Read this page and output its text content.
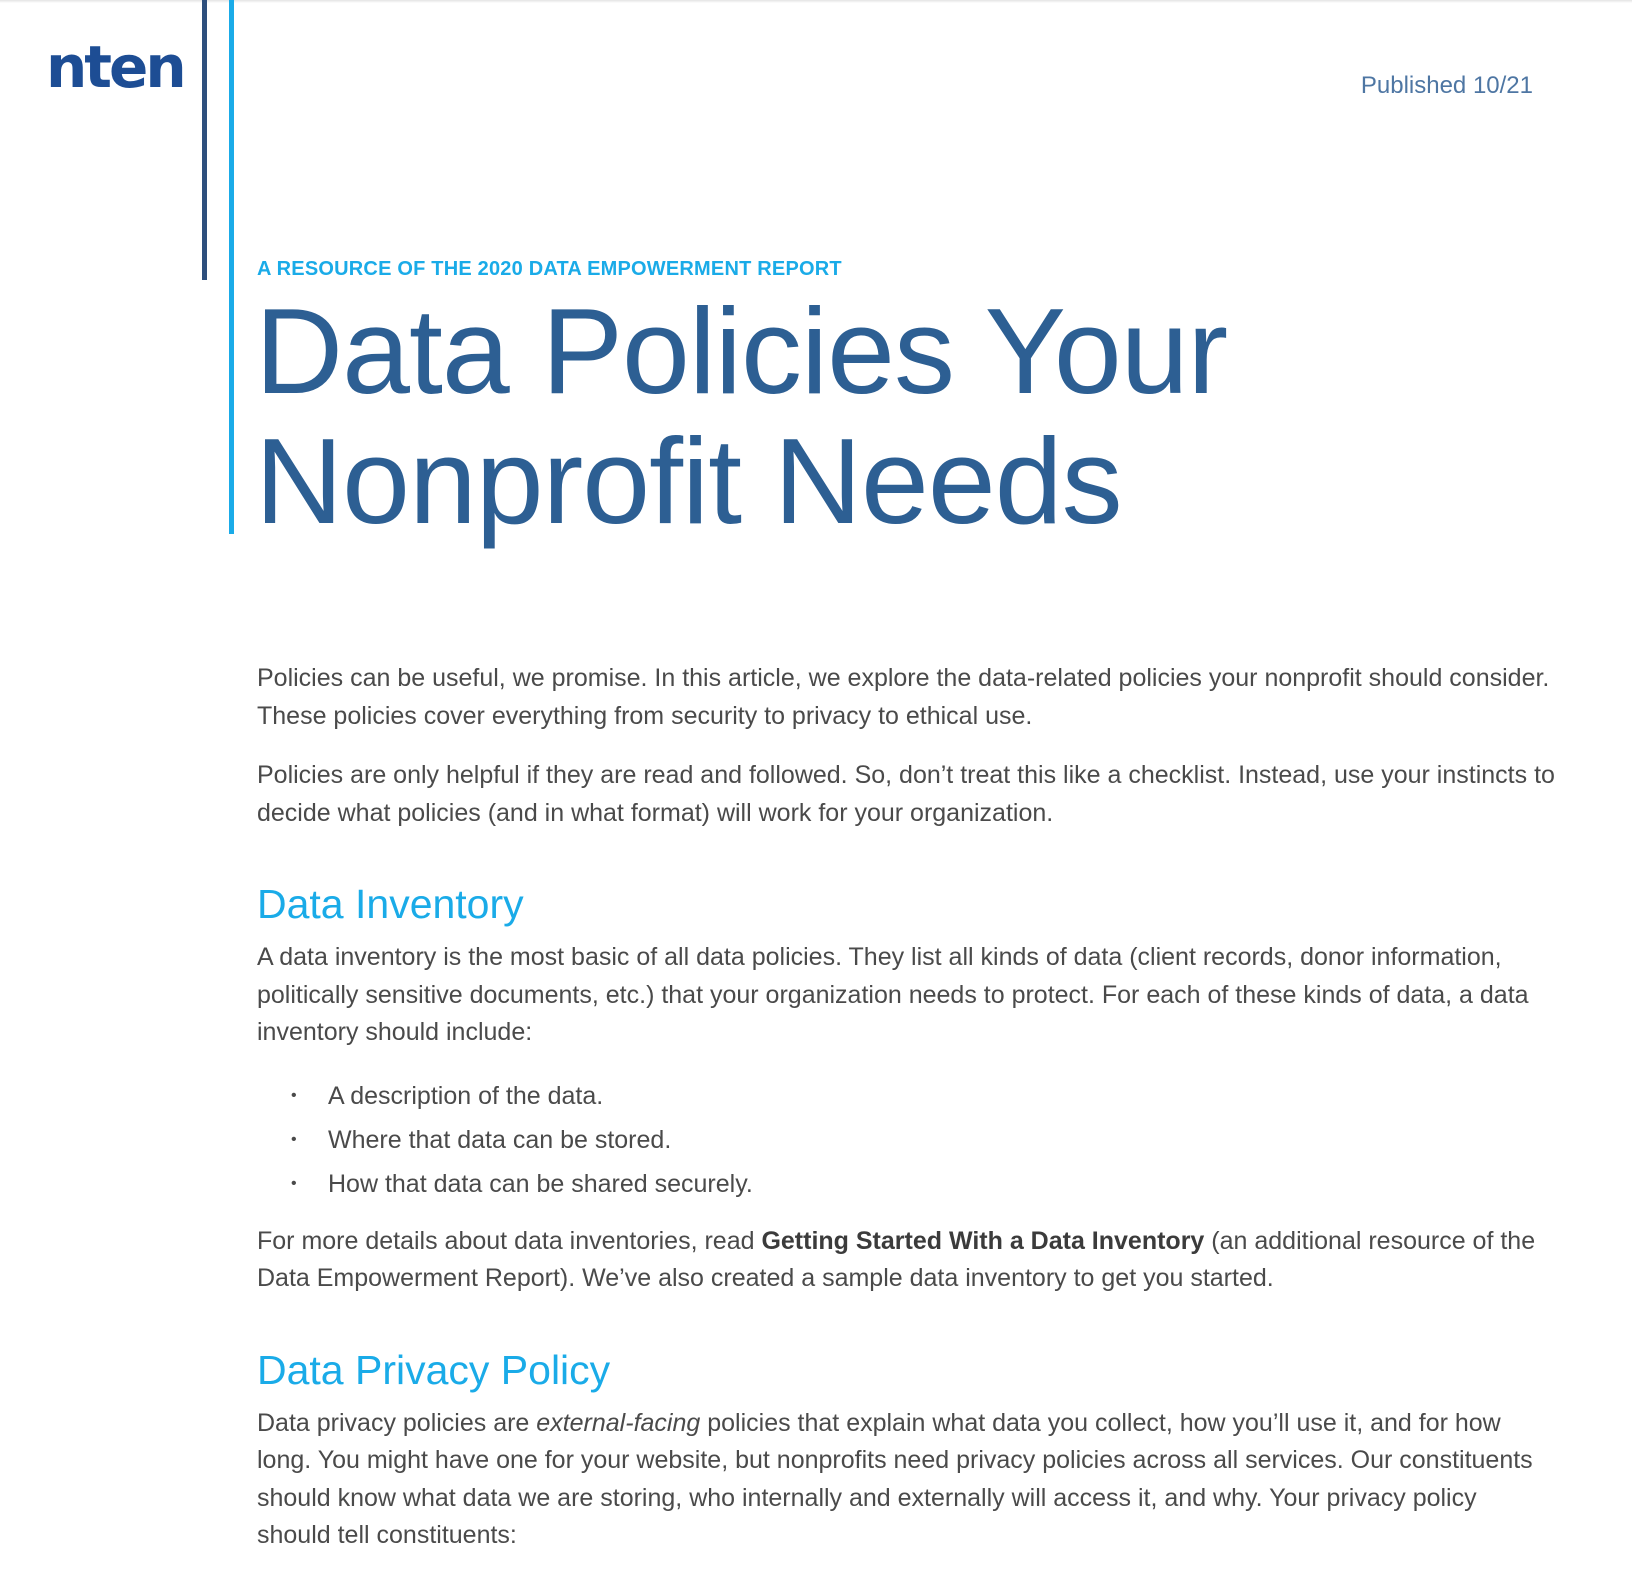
nten	Published 10/21
A RESOURCE OF THE 2020 DATA EMPOWERMENT REPORT
Data Policies Your
Nonprofit Needs

Policies can be useful, we promise. In this article, we explore the data-related policies your nonprofit should consider. These policies cover everything from security to privacy to ethical use.

Policies are only helpful if they are read and followed. So, don’t treat this like a checklist. Instead, use your instincts to decide what policies (and in what format) will work for your organization.

Data Inventory

A data inventory is the most basic of all data policies. They list all kinds of data (client records, donor information, politically sensitive documents, etc.) that your organization needs to protect. For each of these kinds of data, a data inventory should include:

• A description of the data.
• Where that data can be stored.
• How that data can be shared securely.

For more details about data inventories, read Getting Started With a Data Inventory (an additional resource of the Data Empowerment Report). We’ve also created a sample data inventory to get you started.

Data Privacy Policy

Data privacy policies are external-facing policies that explain what data you collect, how you’ll use it, and for how long. You might have one for your website, but nonprofits need privacy policies across all services. Our constituents should know what data we are storing, who internally and externally will access it, and why. Your privacy policy should tell constituents:
